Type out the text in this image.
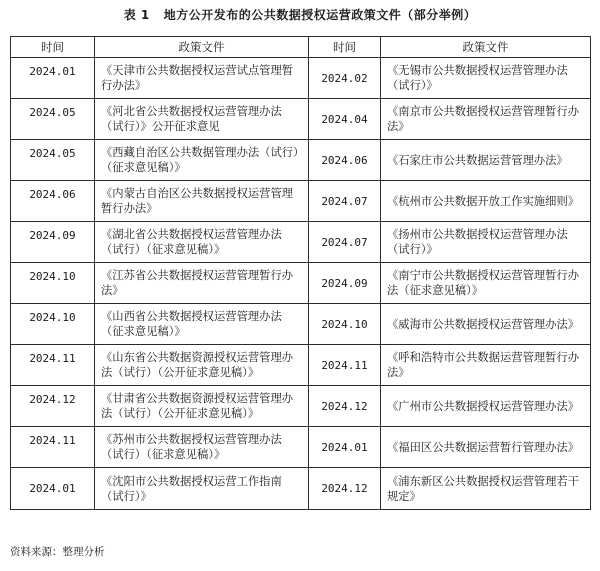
表 1 地方公开发布的公共数据授权运营政策文件（部分举例）
时间	政策文件	时间	政策文件
2024.01	《天津市公共数据授权运营试点管理暂行办法》	2024.02	《无锡市公共数据授权运营管理办法（试行）》
2024.05	《河北省公共数据授权运营管理办法（试行）》公开征求意见	2024.04	《南京市公共数据授权运营管理暂行办法》
2024.05	《西藏自治区公共数据管理办法（试行）（征求意见稿）》	2024.06	《石家庄市公共数据运营管理办法》
2024.06	《内蒙古自治区公共数据授权运营管理暂行办法》	2024.07	《杭州市公共数据开放工作实施细则》
2024.09	《湖北省公共数据授权运营管理办法（试行）（征求意见稿）》	2024.07	《扬州市公共数据授权运营管理办法（试行）》
2024.10	《江苏省公共数据授权运营管理暂行办法》	2024.09	《南宁市公共数据授权运营管理暂行办法（征求意见稿）》
2024.10	《山西省公共数据授权运营管理办法（征求意见稿）》	2024.10	《威海市公共数据授权运营管理办法》
2024.11	《山东省公共数据资源授权运营管理办法（试行）（公开征求意见稿）》	2024.11	《呼和浩特市公共数据运营管理暂行办法》
2024.12	《甘肃省公共数据资源授权运营管理办法（试行）（公开征求意见稿）》	2024.12	《广州市公共数据授权运营管理办法》
2024.11	《苏州市公共数据授权运营管理办法（试行）（征求意见稿）》	2024.01	《福田区公共数据运营暂行管理办法》
2024.01	《沈阳市公共数据授权运营工作指南（试行）》	2024.12	《浦东新区公共数据授权运营管理若干规定》
资料来源：整理分析
